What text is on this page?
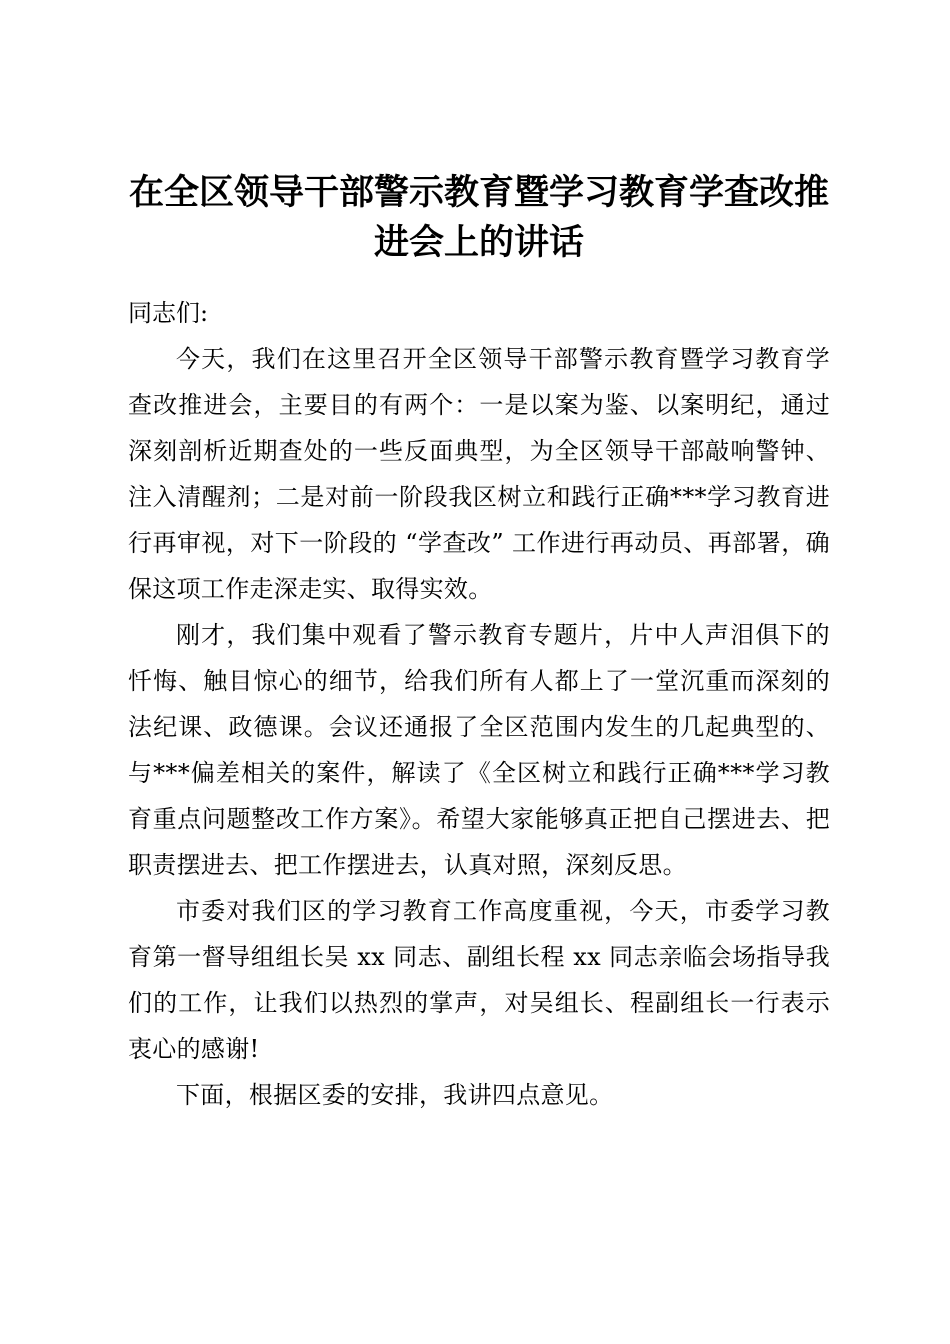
在全区领导干部警示教育暨学习教育学查改推
进会上的讲话

同志们:

今天，我们在这里召开全区领导干部警示教育暨学习教育学查改推进会，主要目的有两个：一是以案为鉴、以案明纪，通过深刻剖析近期查处的一些反面典型，为全区领导干部敲响警钟、注入清醒剂；二是对前一阶段我区树立和践行正确***学习教育进行再审视，对下一阶段的 “学查改” 工作进行再动员、再部署，确保这项工作走深走实、取得实效。

刚才，我们集中观看了警示教育专题片，片中人声泪俱下的忏悔、触目惊心的细节，给我们所有人都上了一堂沉重而深刻的法纪课、政德课。会议还通报了全区范围内发生的几起典型的、与***偏差相关的案件，解读了《全区树立和践行正确***学习教育重点问题整改工作方案》。希望大家能够真正把自己摆进去、把职责摆进去、把工作摆进去，认真对照，深刻反思。

市委对我们区的学习教育工作高度重视，今天，市委学习教育第一督导组组长吴 xx 同志、副组长程 xx 同志亲临会场指导我们的工作，让我们以热烈的掌声，对吴组长、程副组长一行表示衷心的感谢!

下面，根据区委的安排，我讲四点意见。
